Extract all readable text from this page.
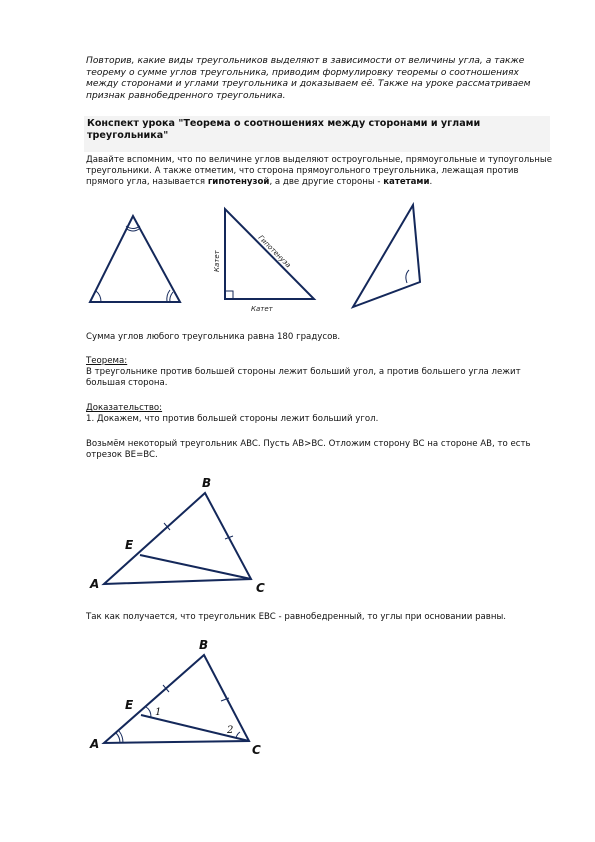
Повторив, какие виды треугольников выделяют в зависимости от величины угла, а также теорему о сумме углов треугольника, приводим формулировку теоремы о соотношениях между сторонами и углами треугольника и доказываем её. Также на уроке рассматриваем признак равнобедренного треугольника.

Конспект урока "Теорема о соотношениях между сторонами и углами треугольника"

Давайте вспомним, что по величине углов выделяют остроугольные, прямоугольные и тупоугольные треугольники. А также отметим, что сторона прямоугольного треугольника, лежащая против прямого угла, называется гипотенузой, а две другие стороны - катетами.

Гипотенуза
Катет
Катет

Сумма углов любого треугольника равна 180 градусов.

Теорема:

В треугольнике против большей стороны лежит больший угол, а против большего угла лежит большая сторона.

Доказательство:

1. Докажем, что против большей стороны лежит больший угол.

Возьмём некоторый треугольник ABC. Пусть AB>BC. Отложим сторону BC на стороне AB, то есть отрезок BE=BC.

A
B
C
E

Так как получается, что треугольник EBC - равнобедренный, то углы при основании равны.

A
B
C
E
1
2
